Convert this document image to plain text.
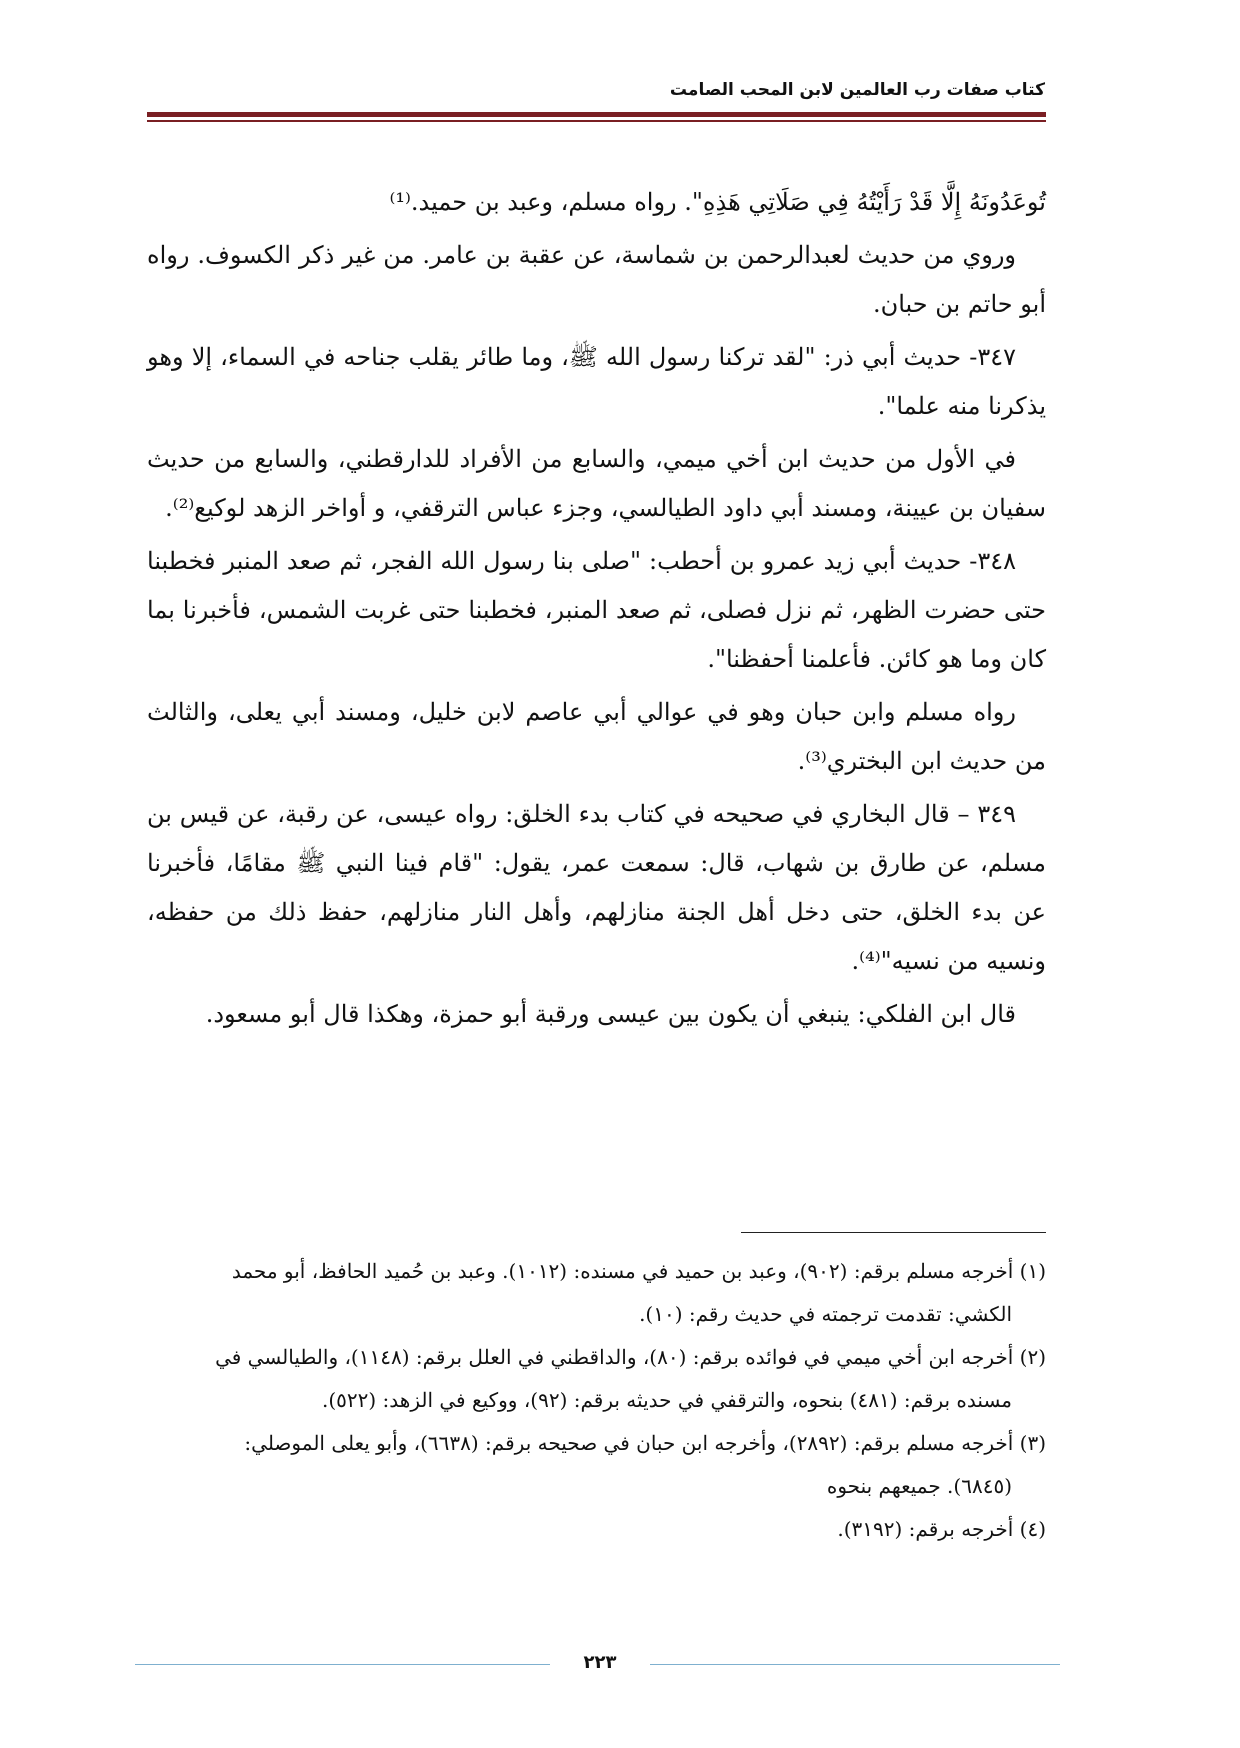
كتاب صفات رب العالمين لابن المحب الصامت

تُوعَدُونَهُ إِلَّا قَدْ رَأَيْتُهُ فِي صَلَاتِي هَذِهِ". رواه مسلم، وعبد بن حميد.⁽¹⁾

وروي من حديث لعبدالرحمن بن شماسة، عن عقبة بن عامر. من غير ذكر الكسوف. رواه أبو حاتم بن حبان.

٣٤٧- حديث أبي ذر: "لقد تركنا رسول الله ﷺ، وما طائر يقلب جناحه في السماء، إلا وهو يذكرنا منه علما".

في الأول من حديث ابن أخي ميمي، والسابع من الأفراد للدارقطني، والسابع من حديث سفيان بن عيينة، ومسند أبي داود الطيالسي، وجزء عباس الترقفي، و أواخر الزهد لوكيع⁽²⁾.

٣٤٨- حديث أبي زيد عمرو بن أحطب: "صلى بنا رسول الله الفجر، ثم صعد المنبر فخطبنا حتى حضرت الظهر، ثم نزل فصلى، ثم صعد المنبر، فخطبنا حتى غربت الشمس، فأخبرنا بما كان وما هو كائن. فأعلمنا أحفظنا".

رواه مسلم وابن حبان وهو في عوالي أبي عاصم لابن خليل، ومسند أبي يعلى، والثالث من حديث ابن البختري⁽³⁾.

٣٤٩ – قال البخاري في صحيحه في كتاب بدء الخلق: رواه عيسى، عن رقبة، عن قيس بن مسلم، عن طارق بن شهاب، قال: سمعت عمر، يقول: "قام فينا النبي ﷺ مقامًا، فأخبرنا عن بدء الخلق، حتى دخل أهل الجنة منازلهم، وأهل النار منازلهم، حفظ ذلك من حفظه، ونسيه من نسيه"⁽⁴⁾.

قال ابن الفلكي: ينبغي أن يكون بين عيسى ورقبة أبو حمزة، وهكذا قال أبو مسعود.

(١) أخرجه مسلم برقم: (٩٠٢)، وعبد بن حميد في مسنده: (١٠١٢). وعبد بن حُميد الحافظ، أبو محمد

الكشي: تقدمت ترجمته في حديث رقم: (١٠).

(٢) أخرجه ابن أخي ميمي في فوائده برقم: (٨٠)، والداقطني في العلل برقم: (١١٤٨)، والطيالسي في

مسنده برقم: (٤٨١) بنحوه، والترقفي في حديثه برقم: (٩٢)، ووكيع في الزهد: (٥٢٢).

(٣) أخرجه مسلم برقم: (٢٨٩٢)، وأخرجه ابن حبان في صحيحه برقم: (٦٦٣٨)، وأبو يعلى الموصلي:

(٦٨٤٥). جميعهم بنحوه

(٤) أخرجه برقم: (٣١٩٢).

٢٢٣
